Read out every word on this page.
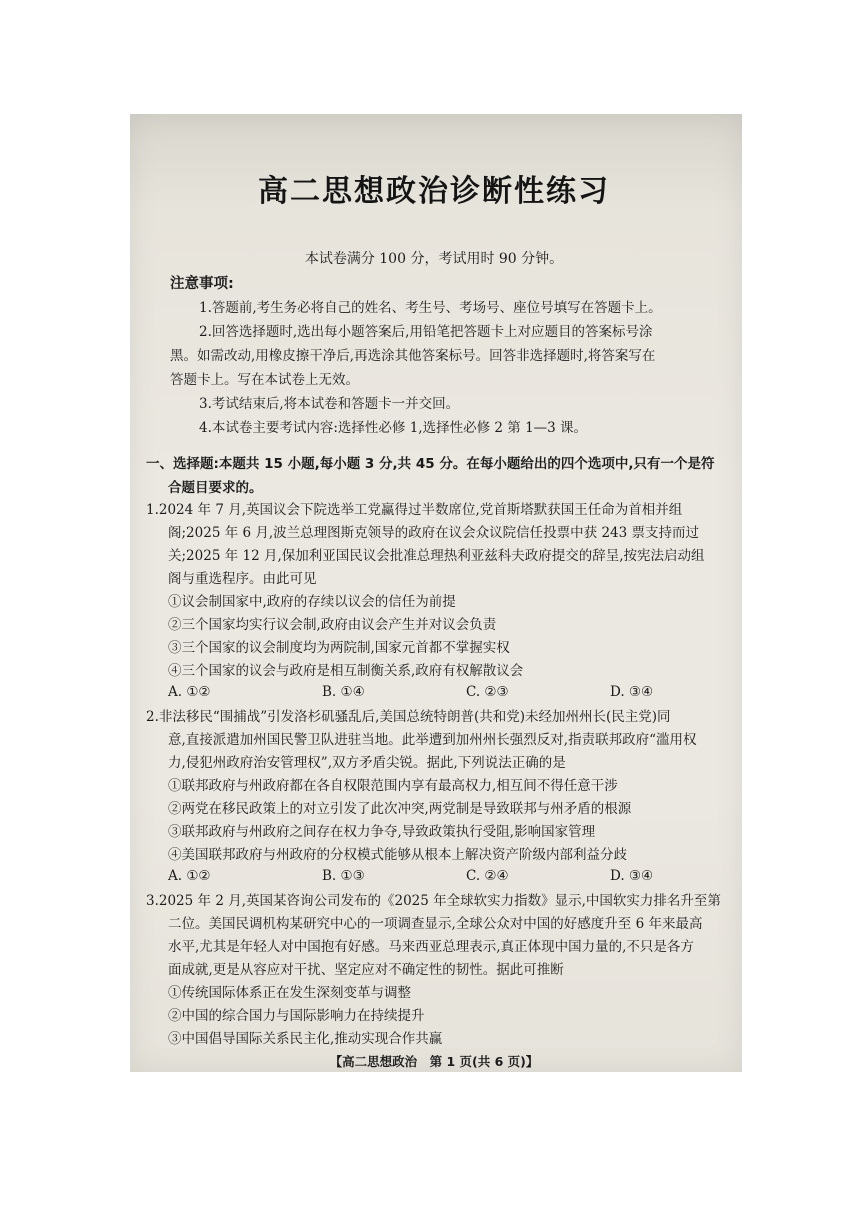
高二思想政治诊断性练习
本试卷满分 100 分，考试用时 90 分钟。
注意事项:
1.答题前,考生务必将自己的姓名、考生号、考场号、座位号填写在答题卡上。
2.回答选择题时,选出每小题答案后,用铅笔把答题卡上对应题目的答案标号涂
黑。如需改动,用橡皮擦干净后,再选涂其他答案标号。回答非选择题时,将答案写在
答题卡上。写在本试卷上无效。
3.考试结束后,将本试卷和答题卡一并交回。
4.本试卷主要考试内容:选择性必修 1,选择性必修 2 第 1—3 课。
一、选择题:本题共 15 小题,每小题 3 分,共 45 分。在每小题给出的四个选项中,只有一个是符
合题目要求的。
1.2024 年 7 月,英国议会下院选举工党赢得过半数席位,党首斯塔默获国王任命为首相并组
阁;2025 年 6 月,波兰总理图斯克领导的政府在议会众议院信任投票中获 243 票支持而过
关;2025 年 12 月,保加利亚国民议会批准总理热利亚兹科夫政府提交的辞呈,按宪法启动组
阁与重选程序。由此可见
①议会制国家中,政府的存续以议会的信任为前提
②三个国家均实行议会制,政府由议会产生并对议会负责
③三个国家的议会制度均为两院制,国家元首都不掌握实权
④三个国家的议会与政府是相互制衡关系,政府有权解散议会
A. ①②	B. ①④	C. ②③	D. ③④
2.非法移民“围捕战”引发洛杉矶骚乱后,美国总统特朗普(共和党)未经加州州长(民主党)同
意,直接派遣加州国民警卫队进驻当地。此举遭到加州州长强烈反对,指责联邦政府“滥用权
力,侵犯州政府治安管理权”,双方矛盾尖锐。据此,下列说法正确的是
①联邦政府与州政府都在各自权限范围内享有最高权力,相互间不得任意干涉
②两党在移民政策上的对立引发了此次冲突,两党制是导致联邦与州矛盾的根源
③联邦政府与州政府之间存在权力争夺,导致政策执行受阻,影响国家管理
④美国联邦政府与州政府的分权模式能够从根本上解决资产阶级内部利益分歧
A. ①②	B. ①③	C. ②④	D. ③④
3.2025 年 2 月,英国某咨询公司发布的《2025 年全球软实力指数》显示,中国软实力排名升至第
二位。美国民调机构某研究中心的一项调查显示,全球公众对中国的好感度升至 6 年来最高
水平,尤其是年轻人对中国抱有好感。马来西亚总理表示,真正体现中国力量的,不只是各方
面成就,更是从容应对干扰、坚定应对不确定性的韧性。据此可推断
①传统国际体系正在发生深刻变革与调整
②中国的综合国力与国际影响力在持续提升
③中国倡导国际关系民主化,推动实现合作共赢
【高二思想政治　第 1 页(共 6 页)】
